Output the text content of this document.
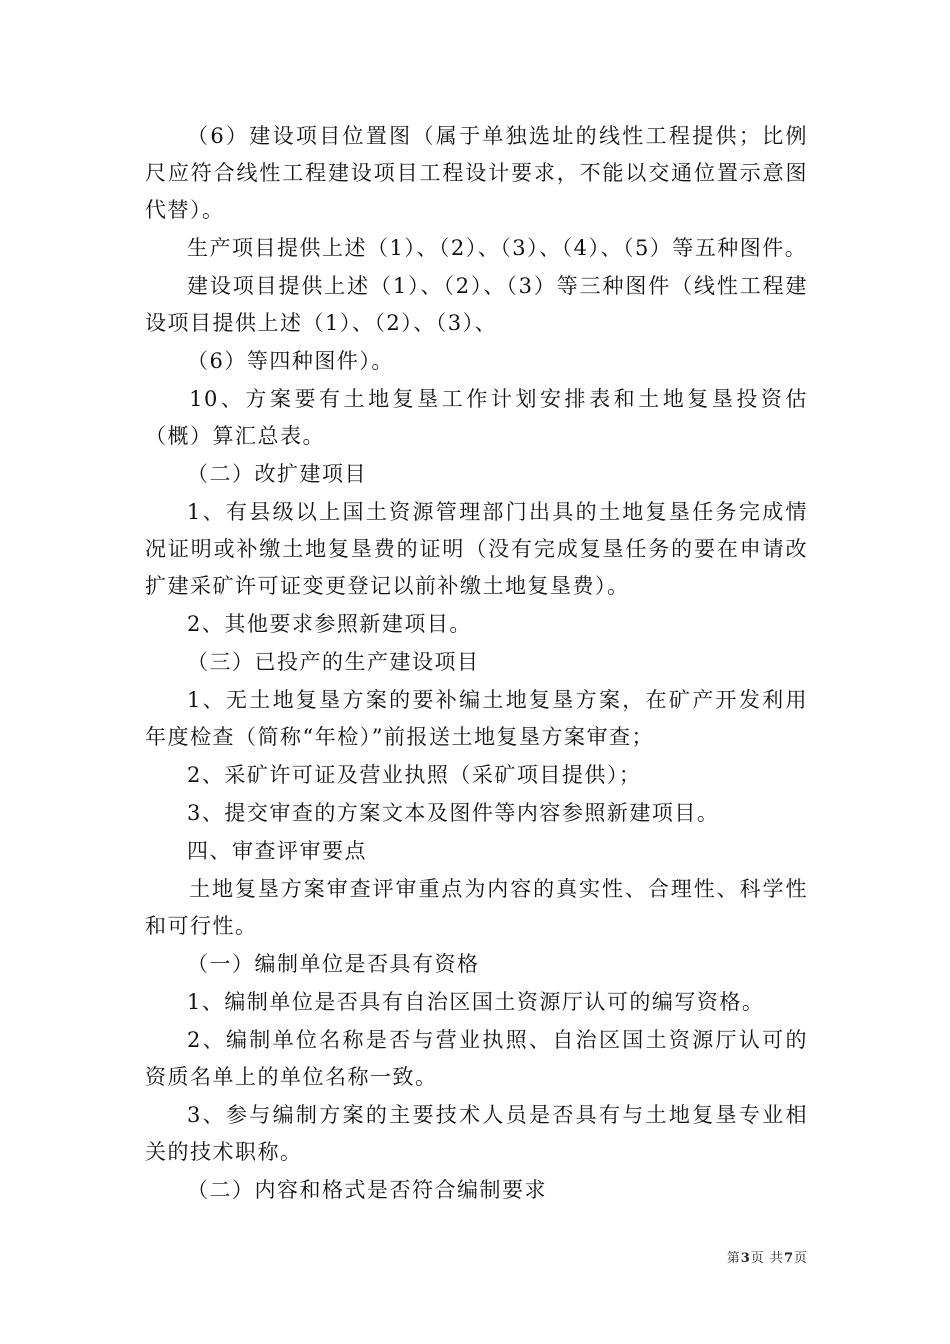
（6）建设项目位置图（属于单独选址的线性工程提供；比例尺应符合线性工程建设项目工程设计要求，不能以交通位置示意图代替）。

生产项目提供上述（1）、（2）、（3）、（4）、（5）等五种图件。

建设项目提供上述（1）、（2）、（3）等三种图件（线性工程建设项目提供上述（1）、（2）、（3）、

（6）等四种图件）。

10、方案要有土地复垦工作计划安排表和土地复垦投资估（概）算汇总表。

（二）改扩建项目

1、有县级以上国土资源管理部门出具的土地复垦任务完成情况证明或补缴土地复垦费的证明（没有完成复垦任务的要在申请改扩建采矿许可证变更登记以前补缴土地复垦费）。

2、其他要求参照新建项目。

（三）已投产的生产建设项目

1、无土地复垦方案的要补编土地复垦方案，在矿产开发利用年度检查（简称“年检）”前报送土地复垦方案审查；

2、采矿许可证及营业执照（采矿项目提供）；

3、提交审查的方案文本及图件等内容参照新建项目。

四、审查评审要点

土地复垦方案审查评审重点为内容的真实性、合理性、科学性和可行性。

（一）编制单位是否具有资格

1、编制单位是否具有自治区国土资源厅认可的编写资格。

2、编制单位名称是否与营业执照、自治区国土资源厅认可的资质名单上的单位名称一致。

3、参与编制方案的主要技术人员是否具有与土地复垦专业相关的技术职称。

（二）内容和格式是否符合编制要求

第3页 共7页
